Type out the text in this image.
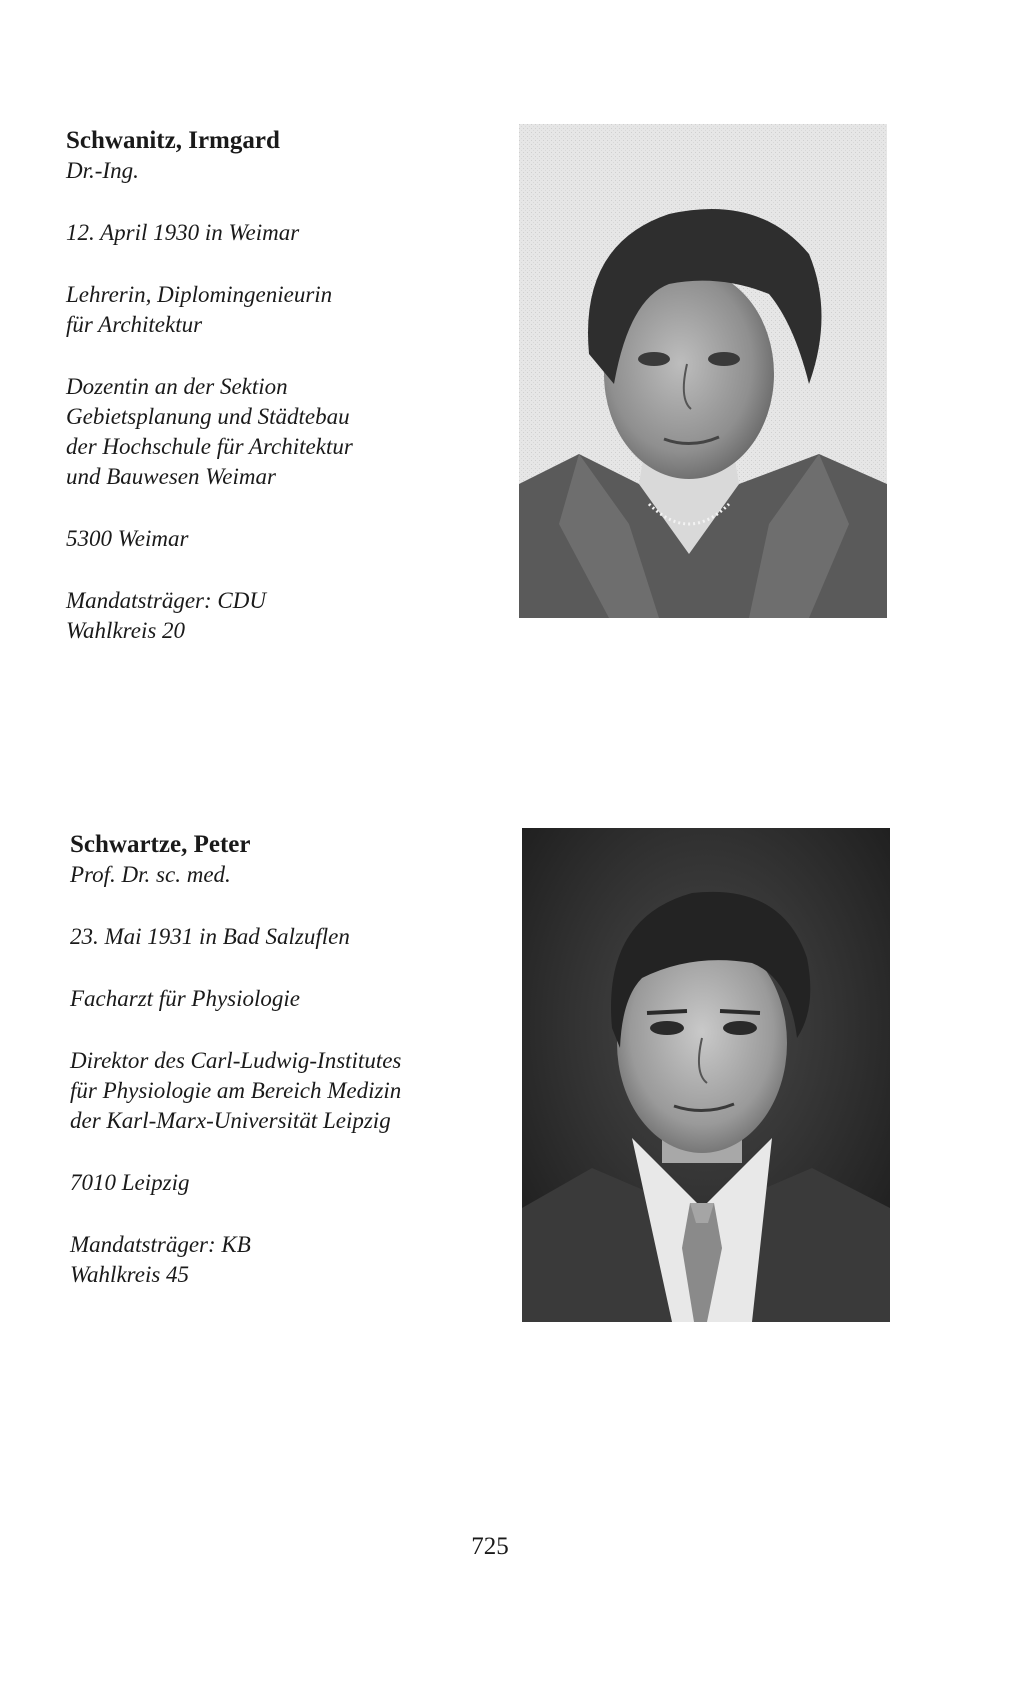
Schwanitz, Irmgard

Dr.-Ing.

12. April 1930 in Weimar

Lehrerin, Diplomingenieurin

für Architektur

Dozentin an der Sektion

Gebietsplanung und Städtebau

der Hochschule für Architektur

und Bauwesen Weimar

5300 Weimar

Mandatsträger: CDU

Wahlkreis 20

Schwartze, Peter

Prof. Dr. sc. med.

23. Mai 1931 in Bad Salzuflen

Facharzt für Physiologie

Direktor des Carl-Ludwig-Institutes

für Physiologie am Bereich Medizin

der Karl-Marx-Universität Leipzig

7010 Leipzig

Mandatsträger: KB

Wahlkreis 45

725
